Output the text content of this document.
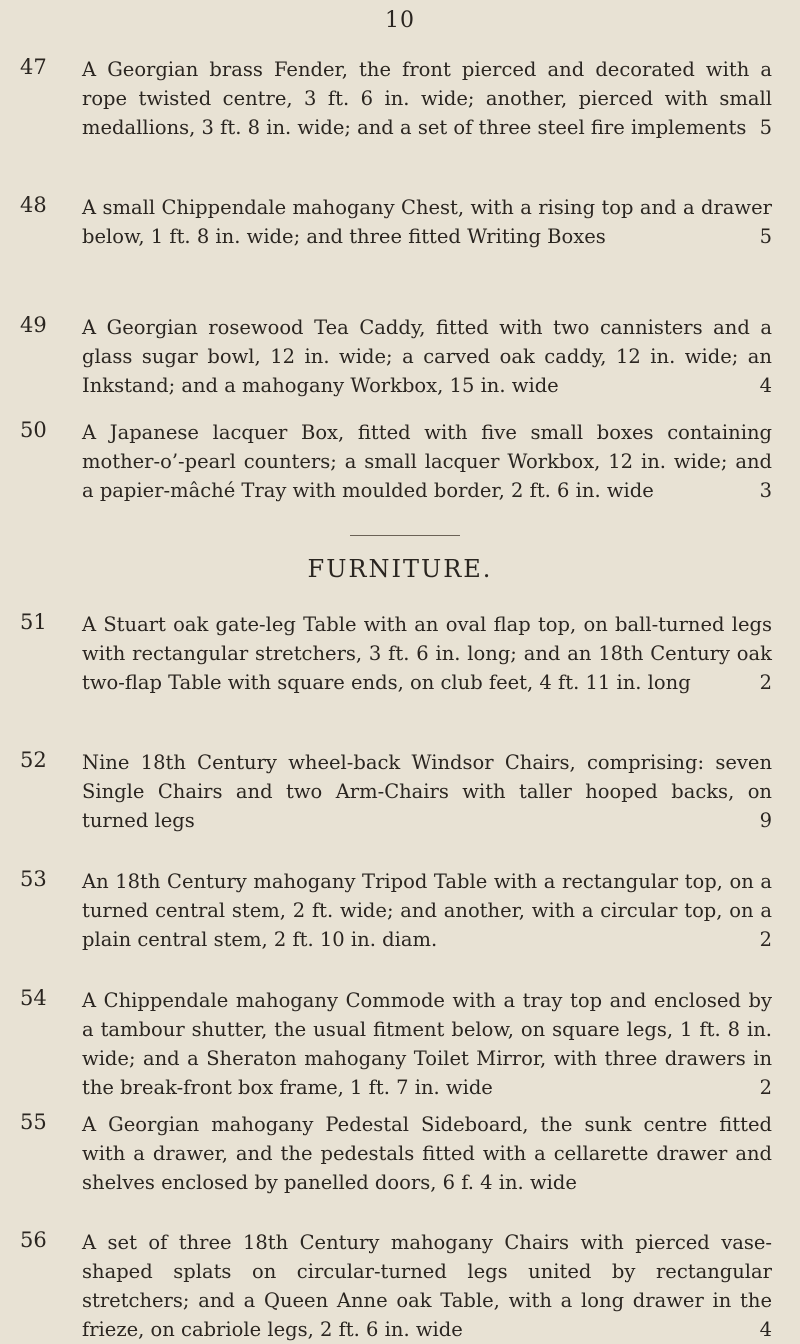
10
47	A Georgian brass Fender, the front pierced and decorated with a rope twisted centre, 3 ft. 6 in. wide; another, pierced with small medallions, 3 ft. 8 in. wide; and a set of three steel fire implements 5
48	A small Chippendale mahogany Chest, with a rising top and a drawer below, 1 ft. 8 in. wide; and three fitted Writing Boxes	5
49	A Georgian rosewood Tea Caddy, fitted with two cannisters and a glass sugar bowl, 12 in. wide; a carved oak caddy, 12 in. wide; an Inkstand; and a mahogany Workbox, 15 in. wide	4
50	A Japanese lacquer Box, fitted with five small boxes containing mother-o’-pearl counters; a small lacquer Workbox, 12 in. wide; and a papier-mâché Tray with moulded border, 2 ft. 6 in. wide	3
FURNITURE.
51	A Stuart oak gate-leg Table with an oval flap top, on ball-turned legs with rectangular stretchers, 3 ft. 6 in. long; and an 18th Century oak two-flap Table with square ends, on club feet, 4 ft. 11 in. long	2
52	Nine 18th Century wheel-back Windsor Chairs, comprising: seven Single Chairs and two Arm-Chairs with taller hooped backs, on turned legs	9
53	An 18th Century mahogany Tripod Table with a rectangular top, on a turned central stem, 2 ft. wide; and another, with a circular top, on a plain central stem, 2 ft. 10 in. diam.	2
54	A Chippendale mahogany Commode with a tray top and enclosed by a tambour shutter, the usual fitment below, on square legs, 1 ft. 8 in. wide; and a Sheraton mahogany Toilet Mirror, with three drawers in the break-front box frame, 1 ft. 7 in. wide	2
55	A Georgian mahogany Pedestal Sideboard, the sunk centre fitted with a drawer, and the pedestals fitted with a cellarette drawer and shelves enclosed by panelled doors, 6 f. 4 in. wide
56	A set of three 18th Century mahogany Chairs with pierced vase-shaped splats on circular-turned legs united by rectangular stretchers; and a Queen Anne oak Table, with a long drawer in the frieze, on cabriole legs, 2 ft. 6 in. wide	4
